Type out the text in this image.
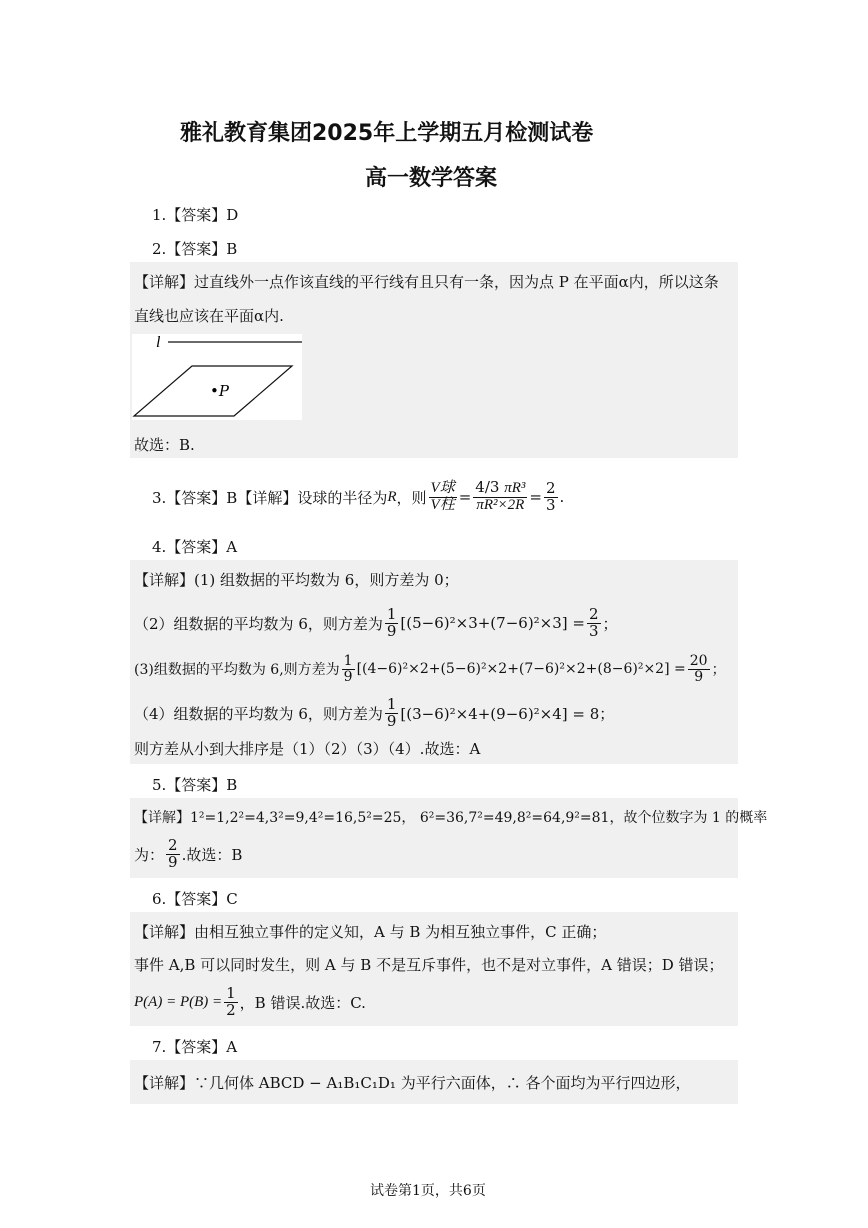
雅礼教育集团2025年上学期五月检测试卷
高一数学答案
1.【答案】D
2.【答案】B
【详解】过直线外一点作该直线的平行线有且只有一条，因为点 P 在平面α内，所以这条
直线也应该在平面α内.
l
•P
故选：B.
3.【答案】B【详解】设球的半径为 R ，则 $\frac{\text{V球}}{\text{V柱}} = \frac{\text{4/3 πR³}}{\text{πR²×2R}} = \frac{2}{3}$ .
4.【答案】A
【详解】(1) 组数据的平均数为 6，则方差为 0；
（2）组数据的平均数为 6，则方差为 $\frac{1}{9} [(5-6)^2\times 3+(7-6)^2\times 3] = \frac{2}{3}$ ；
(3)组数据的平均数为 6,则方差为 $\frac{1}{9} [(4-6)^2\times 2+(5-6)^2\times 2+(7-6)^2\times 2+(8-6)^2\times 2] = \frac{20}{9}$ ；
（4）组数据的平均数为 6，则方差为 $\frac{1}{9} [(3-6)^2\times 4+(9-6)^2\times 4] = 8$；
则方差从小到大排序是（1）（2）（3）（4）.故选：A
5.【答案】B
【详解】1²=1,2²=4,3²=9,4²=16,5²=25， 6²=36,7²=49,8²=64,9²=81，故个位数字为 1 的概率
为： $\frac{2}{9}$ .故选：B
6.【答案】C
【详解】由相互独立事件的定义知，A 与 B 为相互独立事件，C 正确；
事件 A,B 可以同时发生，则 A 与 B 不是互斥事件，也不是对立事件，A 错误；D 错误；
$P(A) = P(B) = \frac{1}{2}$ ，B 错误.故选：C.
7.【答案】A
【详解】∵几何体 ABCD − A₁B₁C₁D₁ 为平行六面体，∴ 各个面均为平行四边形，
试卷第1页，共6页
